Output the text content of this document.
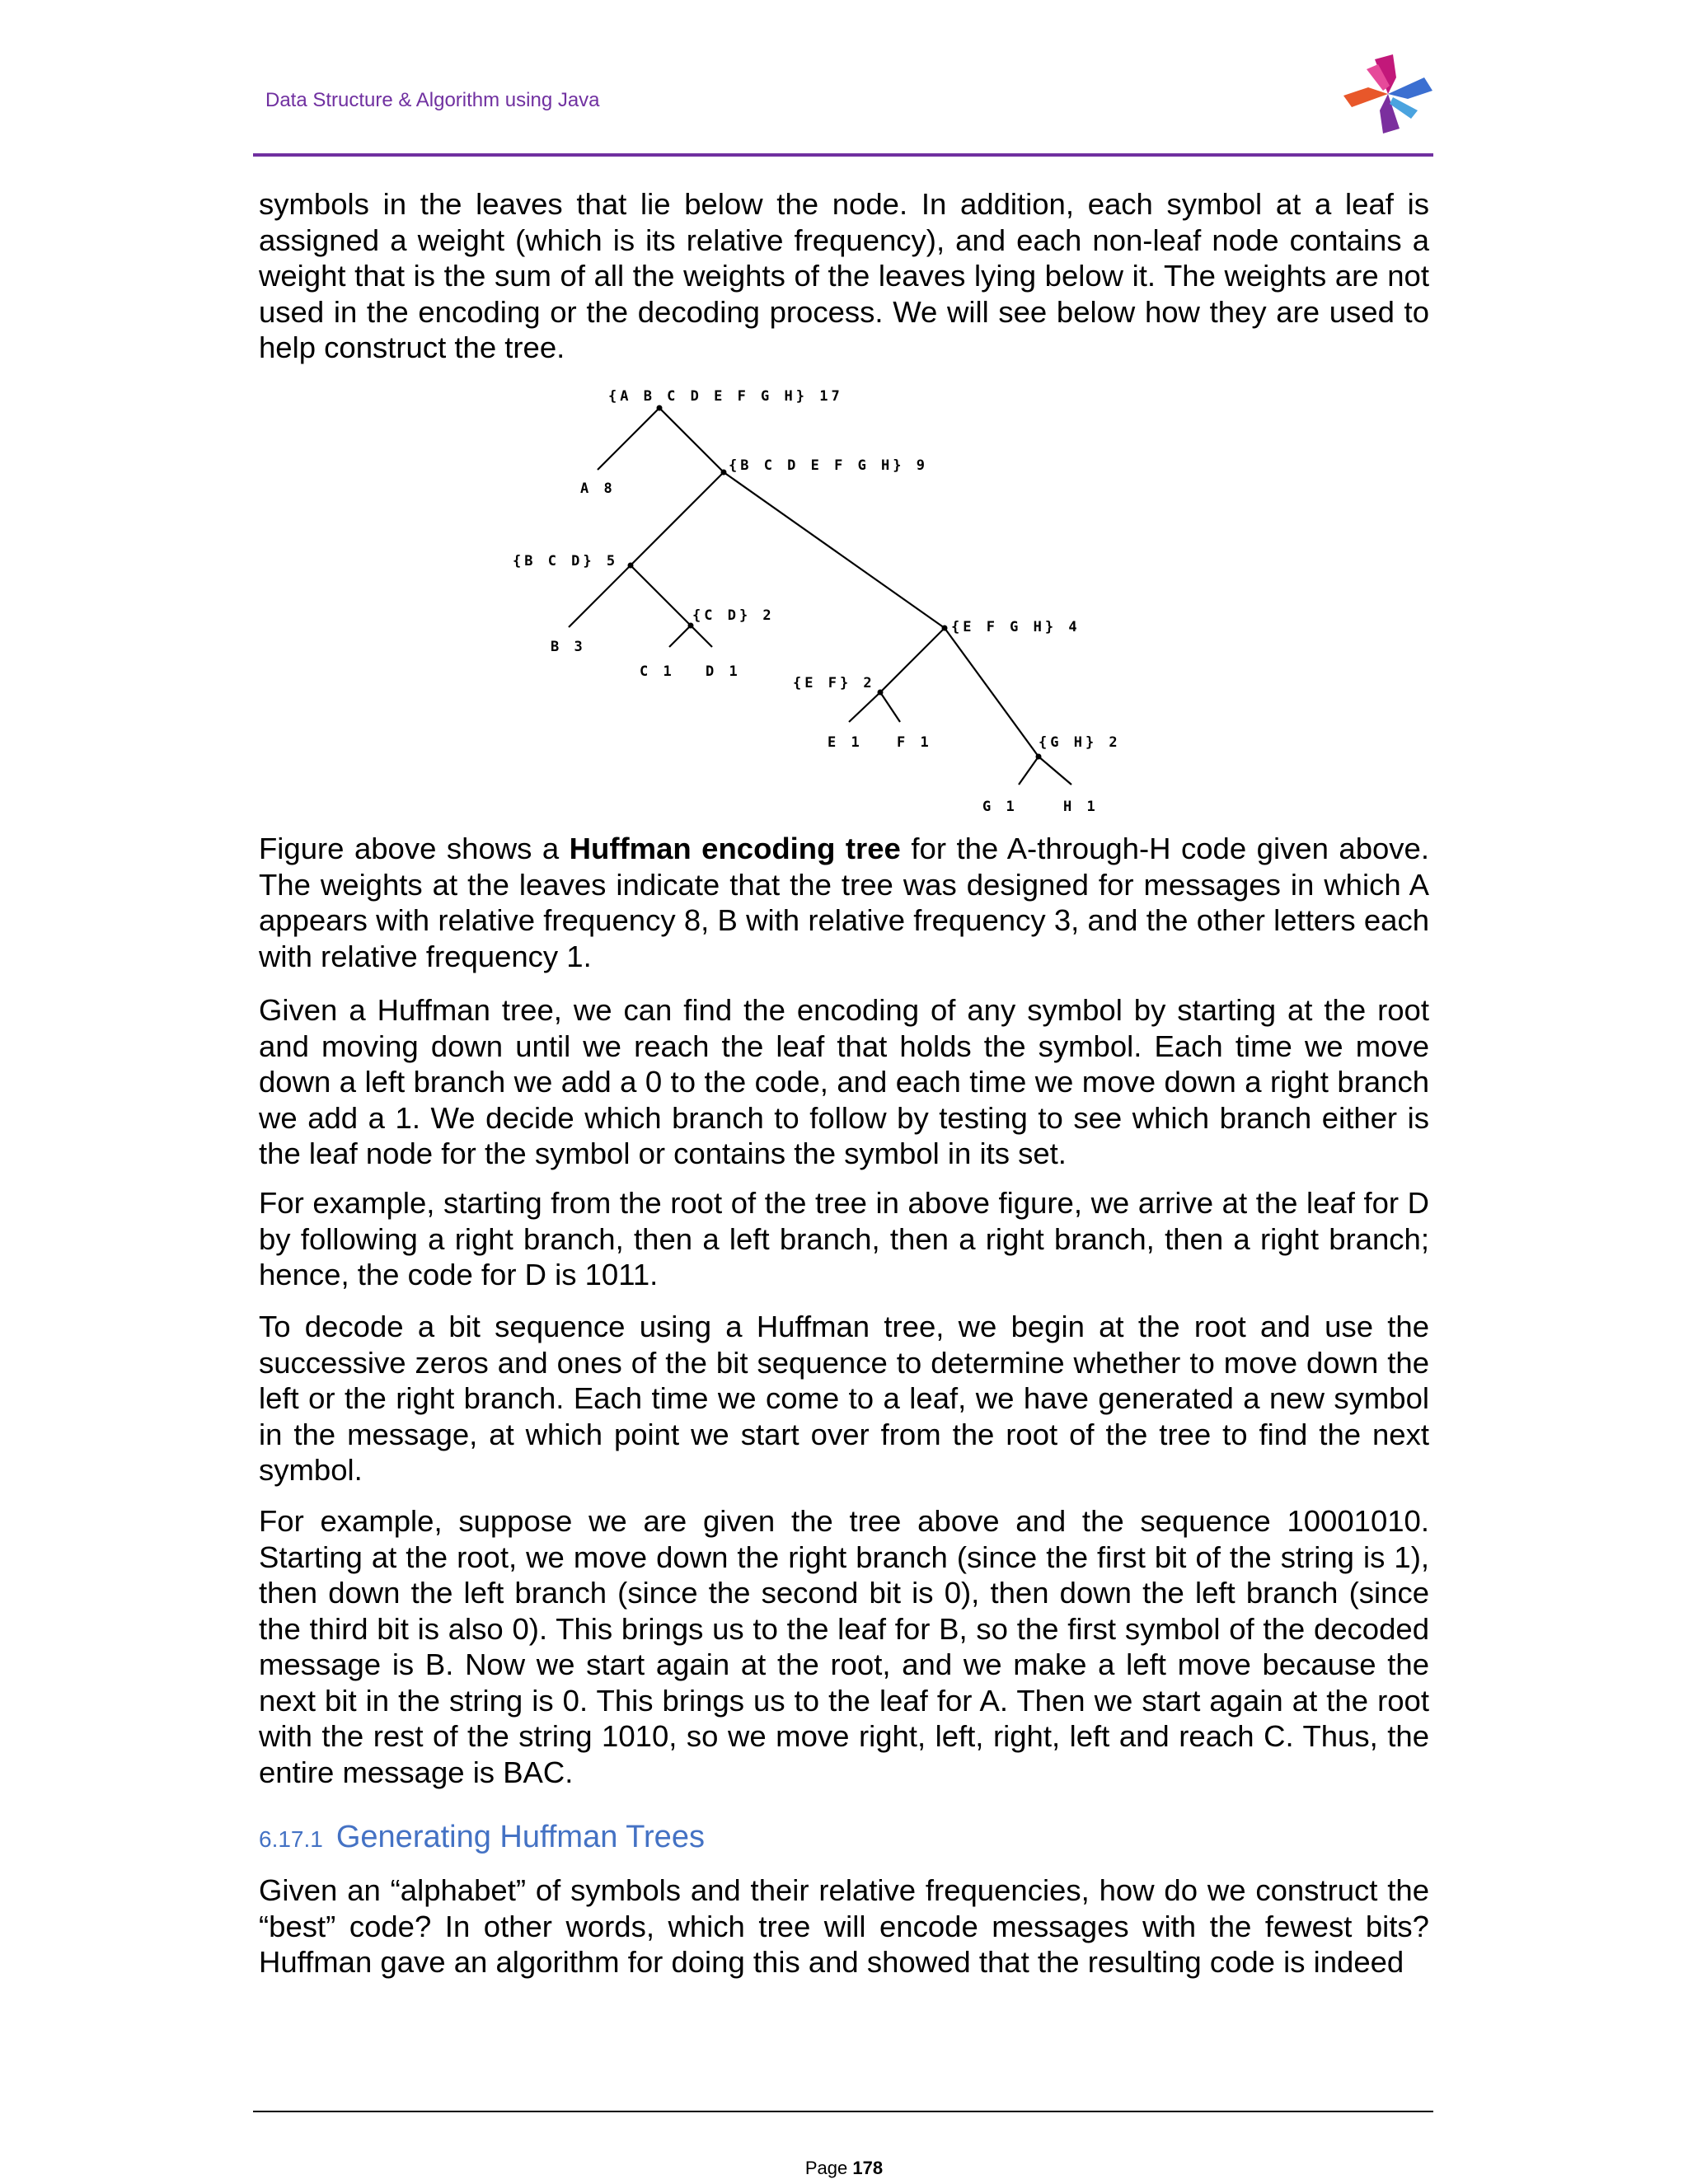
Data Structure & Algorithm using Java

symbols in the leaves that lie below the node. In addition, each symbol at a leaf is assigned a weight (which is its relative frequency), and each non-leaf node contains a weight that is the sum of all the weights of the leaves lying below it. The weights are not used in the encoding or the decoding process. We will see below how they are used to help construct the tree.

{A B C D E F G H} 17
{B C D E F G H} 9
A 8
{B C D} 5
B 3
{C D} 2
C 1 D 1
{E F G H} 4
{E F} 2
E 1 F 1	{G H} 2
G 1	H 1

Figure above shows a Huffman encoding tree for the A-through-H code given above. The weights at the leaves indicate that the tree was designed for messages in which A appears with relative frequency 8, B with relative frequency 3, and the other letters each with relative frequency 1.

Given a Huffman tree, we can find the encoding of any symbol by starting at the root and moving down until we reach the leaf that holds the symbol. Each time we move down a left branch we add a 0 to the code, and each time we move down a right branch we add a 1. We decide which branch to follow by testing to see which branch either is the leaf node for the symbol or contains the symbol in its set.

For example, starting from the root of the tree in above figure, we arrive at the leaf for D by following a right branch, then a left branch, then a right branch, then a right branch; hence, the code for D is 1011.

To decode a bit sequence using a Huffman tree, we begin at the root and use the successive zeros and ones of the bit sequence to determine whether to move down the left or the right branch. Each time we come to a leaf, we have generated a new symbol in the message, at which point we start over from the root of the tree to find the next symbol.

For example, suppose we are given the tree above and the sequence 10001010. Starting at the root, we move down the right branch (since the first bit of the string is 1), then down the left branch (since the second bit is 0), then down the left branch (since the third bit is also 0). This brings us to the leaf for B, so the first symbol of the decoded message is B. Now we start again at the root, and we make a left move because the next bit in the string is 0. This brings us to the leaf for A. Then we start again at the root with the rest of the string 1010, so we move right, left, right, left and reach C. Thus, the entire message is BAC.

6.17.1 Generating Huffman Trees

Given an “alphabet” of symbols and their relative frequencies, how do we construct the “best” code? In other words, which tree will encode messages with the fewest bits? Huffman gave an algorithm for doing this and showed that the resulting code is indeed

Page 178
